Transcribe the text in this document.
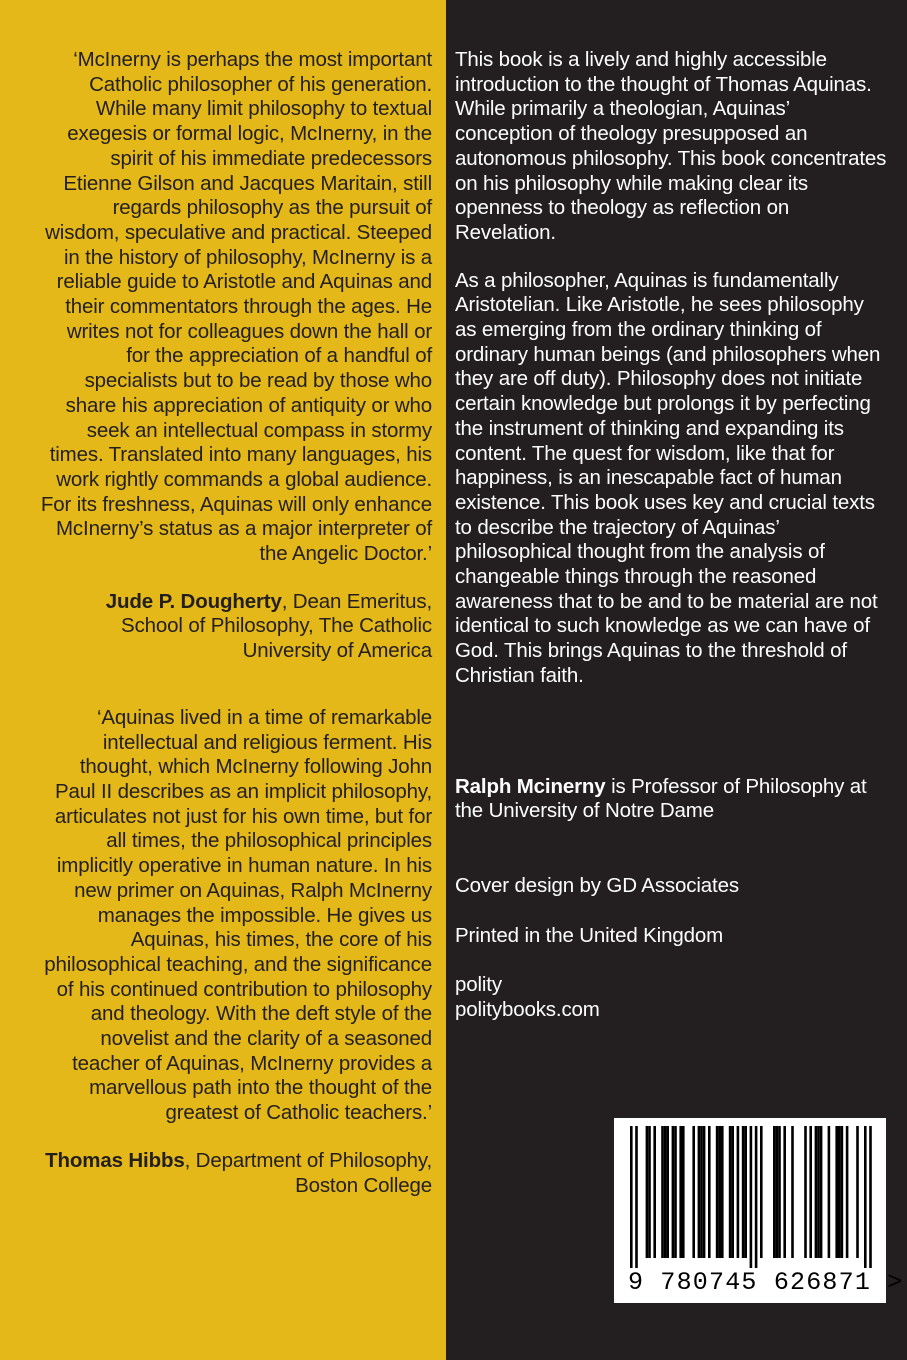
‘McInerny is perhaps the most important Catholic philosopher of his generation. While many limit philosophy to textual exegesis or formal logic, McInerny, in the spirit of his immediate predecessors Etienne Gilson and Jacques Maritain, still regards philosophy as the pursuit of wisdom, speculative and practical. Steeped in the history of philosophy, McInerny is a reliable guide to Aristotle and Aquinas and their commentators through the ages. He writes not for colleagues down the hall or for the appreciation of a handful of specialists but to be read by those who share his appreciation of antiquity or who seek an intellectual compass in stormy times. Translated into many languages, his work rightly commands a global audience. For its freshness, Aquinas will only enhance McInerny’s status as a major interpreter of the Angelic Doctor.’

Jude P. Dougherty, Dean Emeritus, School of Philosophy, The Catholic University of America

‘Aquinas lived in a time of remarkable intellectual and religious ferment. His thought, which McInerny following John Paul II describes as an implicit philosophy, articulates not just for his own time, but for all times, the philosophical principles implicitly operative in human nature. In his new primer on Aquinas, Ralph McInerny manages the impossible. He gives us Aquinas, his times, the core of his philosophical teaching, and the significance of his continued contribution to philosophy and theology. With the deft style of the novelist and the clarity of a seasoned teacher of Aquinas, McInerny provides a marvellous path into the thought of the greatest of Catholic teachers.’

Thomas Hibbs, Department of Philosophy, Boston College

This book is a lively and highly accessible introduction to the thought of Thomas Aquinas. While primarily a theologian, Aquinas’ conception of theology presupposed an autonomous philosophy. This book concentrates on his philosophy while making clear its openness to theology as reflection on Revelation.

As a philosopher, Aquinas is fundamentally Aristotelian. Like Aristotle, he sees philosophy as emerging from the ordinary thinking of ordinary human beings (and philosophers when they are off duty). Philosophy does not initiate certain knowledge but prolongs it by perfecting the instrument of thinking and expanding its content. The quest for wisdom, like that for happiness, is an inescapable fact of human existence. This book uses key and crucial texts to describe the trajectory of Aquinas’ philosophical thought from the analysis of changeable things through the reasoned awareness that to be and to be material are not identical to such knowledge as we can have of God. This brings Aquinas to the threshold of Christian faith.

Ralph Mcinerny is Professor of Philosophy at the University of Notre Dame

Cover design by GD Associates

Printed in the United Kingdom

polity

politybooks.com

9 780745 626871 >
